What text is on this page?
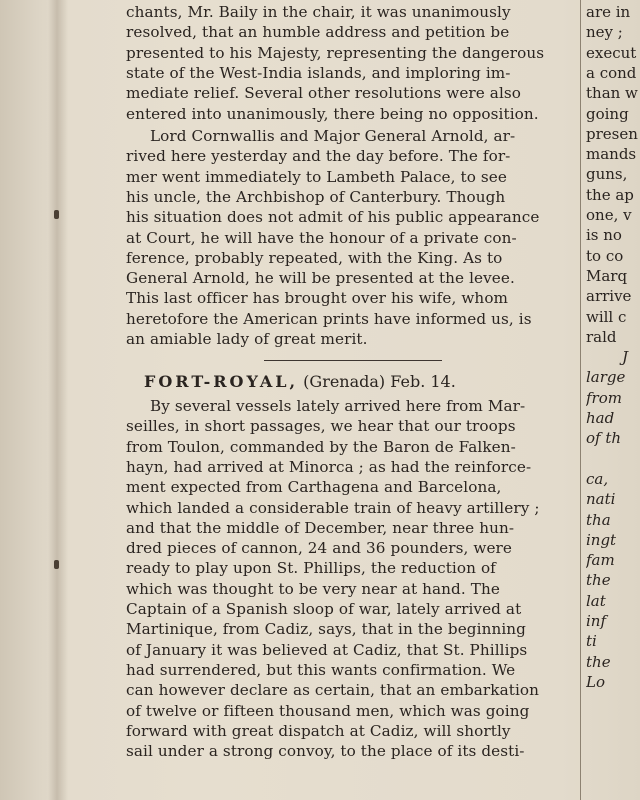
chants, Mr. Baily in the chair, it was unanimously
resolved, that an humble address and petition be
presented to his Majesty, representing the dangerous
state of the West-India islands, and imploring im-
mediate relief. Several other resolutions were also
entered into unanimously, there being no opposition.
Lord Cornwallis and Major General Arnold, ar-
rived here yesterday and the day before. The for-
mer went immediately to Lambeth Palace, to see
his uncle, the Archbishop of Canterbury. Though
his situation does not admit of his public appearance
at Court, he will have the honour of a private con-
ference, probably repeated, with the King. As to
General Arnold, he will be presented at the levee.
This last officer has brought over his wife, whom
heretofore the American prints have informed us, is
an amiable lady of great merit.
FORT-ROYAL, (Grenada) Feb. 14.
By several vessels lately arrived here from Mar-
seilles, in short passages, we hear that our troops
from Toulon, commanded by the Baron de Falken-
hayn, had arrived at Minorca ; as had the reinforce-
ment expected from Carthagena and Barcelona,
which landed a considerable train of heavy artillery ;
and that the middle of December, near three hun-
dred pieces of cannon, 24 and 36 pounders, were
ready to play upon St. Phillips, the reduction of
which was thought to be very near at hand. The
Captain of a Spanish sloop of war, lately arrived at
Martinique, from Cadiz, says, that in the beginning
of January it was believed at Cadiz, that St. Phillips
had surrendered, but this wants confirmation. We
can however declare as certain, that an embarkation
of twelve or fifteen thousand men, which was going
forward with great dispatch at Cadiz, will shortly
sail under a strong convoy, to the place of its desti-
are in
ney ;
execut
a cond
than w
going
presen
mands
guns,
the ap
one, v
is no
to co
Marq
arrive
will c
rald
J
large
from
had
of th
ca,
nati
tha
ingt
fam
the
lat
inf
ti
the
Lo
